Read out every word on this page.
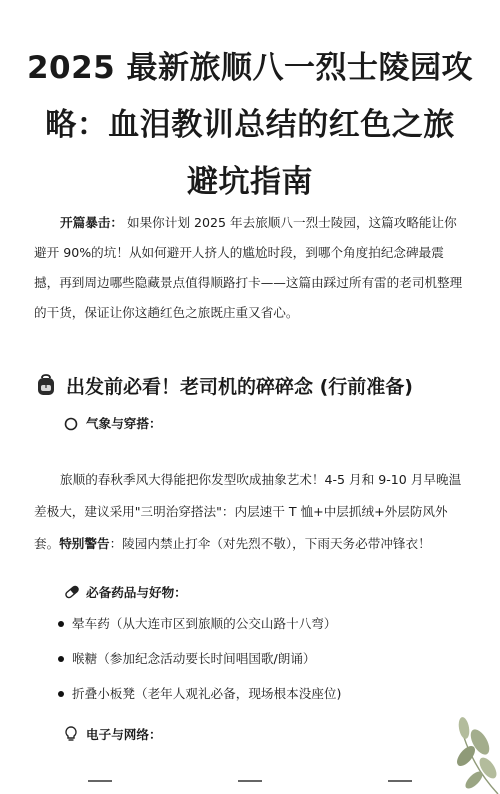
2025 最新旅顺八一烈士陵园攻
略：血泪教训总结的红色之旅
避坑指南

开篇暴击： 如果你计划 2025 年去旅顺八一烈士陵园，这篇攻略能让你避开 90%的坑！从如何避开人挤人的尴尬时段，到哪个角度拍纪念碑最震撼，再到周边哪些隐藏景点值得顺路打卡——这篇由踩过所有雷的老司机整理的干货，保证让你这趟红色之旅既庄重又省心。

出发前必看！老司机的碎碎念 (行前准备)
气象与穿搭：

旅顺的春秋季风大得能把你发型吹成抽象艺术！4-5 月和 9-10 月早晚温差极大，建议采用"三明治穿搭法"：内层速干 T 恤+中层抓绒+外层防风外套。特别警告：陵园内禁止打伞（对先烈不敬），下雨天务必带冲锋衣！

必备药品与好物：
晕车药（从大连市区到旅顺的公交山路十八弯）
喉糖（参加纪念活动要长时间唱国歌/朗诵）
折叠小板凳（老年人观礼必备，现场根本没座位)
电子与网络：
